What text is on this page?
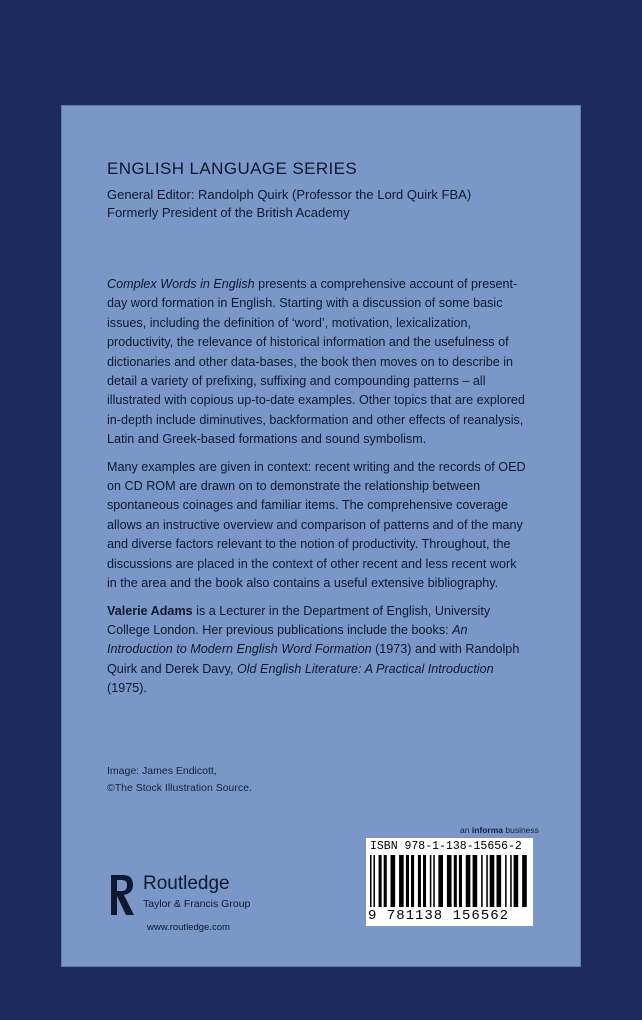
ENGLISH LANGUAGE SERIES
General Editor: Randolph Quirk (Professor the Lord Quirk FBA)
Formerly President of the British Academy

Complex Words in English presents a comprehensive account of present-day word formation in English. Starting with a discussion of some basic issues, including the definition of ‘word’, motivation, lexicalization, productivity, the relevance of historical information and the usefulness of dictionaries and other data-bases, the book then moves on to describe in detail a variety of prefixing, suffixing and compounding patterns – all illustrated with copious up-to-date examples. Other topics that are explored in-depth include diminutives, backformation and other effects of reanalysis, Latin and Greek-based formations and sound symbolism.

Many examples are given in context: recent writing and the records of OED on CD ROM are drawn on to demonstrate the relationship between spontaneous coinages and familiar items. The comprehensive coverage allows an instructive overview and comparison of patterns and of the many and diverse factors relevant to the notion of productivity. Throughout, the discussions are placed in the context of other recent and less recent work in the area and the book also contains a useful extensive bibliography.

Valerie Adams is a Lecturer in the Department of English, University College London. Her previous publications include the books: An Introduction to Modern English Word Formation (1973) and with Randolph Quirk and Derek Davy, Old English Literature: A Practical Introduction (1975).

Image: James Endicott,
©The Stock Illustration Source.
an informa business
ISBN 978-1-138-15656-2
9 781138 156562
Routledge
Taylor & Francis Group
www.routledge.com
